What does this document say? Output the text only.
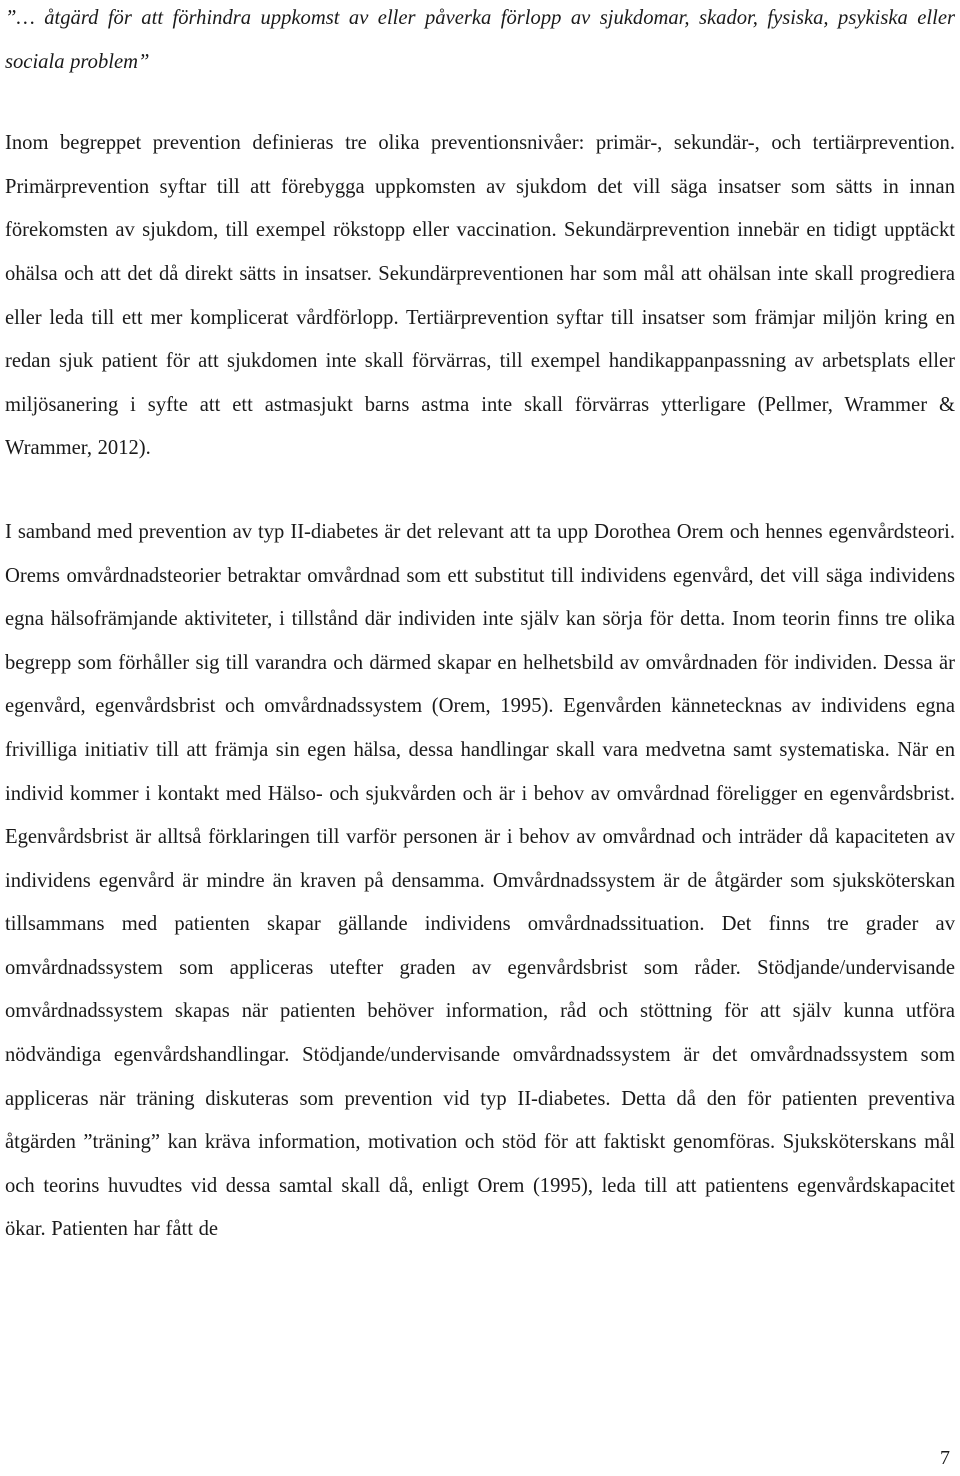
”… åtgärd för att förhindra uppkomst av eller påverka förlopp av sjukdomar, skador, fysiska, psykiska eller sociala problem”

Inom begreppet prevention definieras tre olika preventionsnivåer: primär-, sekundär-, och tertiärprevention. Primärprevention syftar till att förebygga uppkomsten av sjukdom det vill säga insatser som sätts in innan förekomsten av sjukdom, till exempel rökstopp eller vaccination. Sekundärprevention innebär en tidigt upptäckt ohälsa och att det då direkt sätts in insatser. Sekundärpreventionen har som mål att ohälsan inte skall progrediera eller leda till ett mer komplicerat vårdförlopp. Tertiärprevention syftar till insatser som främjar miljön kring en redan sjuk patient för att sjukdomen inte skall förvärras, till exempel handikappanpassning av arbetsplats eller miljösanering i syfte att ett astmasjukt barns astma inte skall förvärras ytterligare (Pellmer, Wrammer & Wrammer, 2012).

I samband med prevention av typ II-diabetes är det relevant att ta upp Dorothea Orem och hennes egenvårdsteori. Orems omvårdnadsteorier betraktar omvårdnad som ett substitut till individens egenvård, det vill säga individens egna hälsofrämjande aktiviteter, i tillstånd där individen inte själv kan sörja för detta. Inom teorin finns tre olika begrepp som förhåller sig till varandra och därmed skapar en helhetsbild av omvårdnaden för individen. Dessa är egenvård, egenvårdsbrist och omvårdnadssystem (Orem, 1995). Egenvården kännetecknas av individens egna frivilliga initiativ till att främja sin egen hälsa, dessa handlingar skall vara medvetna samt systematiska. När en individ kommer i kontakt med Hälso- och sjukvården och är i behov av omvårdnad föreligger en egenvårdsbrist. Egenvårdsbrist är alltså förklaringen till varför personen är i behov av omvårdnad och inträder då kapaciteten av individens egenvård är mindre än kraven på densamma. Omvårdnadssystem är de åtgärder som sjuksköterskan tillsammans med patienten skapar gällande individens omvårdnadssituation. Det finns tre grader av omvårdnadssystem som appliceras utefter graden av egenvårdsbrist som råder. Stödjande/undervisande omvårdnadssystem skapas när patienten behöver information, råd och stöttning för att själv kunna utföra nödvändiga egenvårdshandlingar. Stödjande/undervisande omvårdnadssystem är det omvårdnadssystem som appliceras när träning diskuteras som prevention vid typ II-diabetes. Detta då den för patienten preventiva åtgärden ”träning” kan kräva information, motivation och stöd för att faktiskt genomföras. Sjuksköterskans mål och teorins huvudtes vid dessa samtal skall då, enligt Orem (1995), leda till att patientens egenvårdskapacitet ökar. Patienten har fått de

7
